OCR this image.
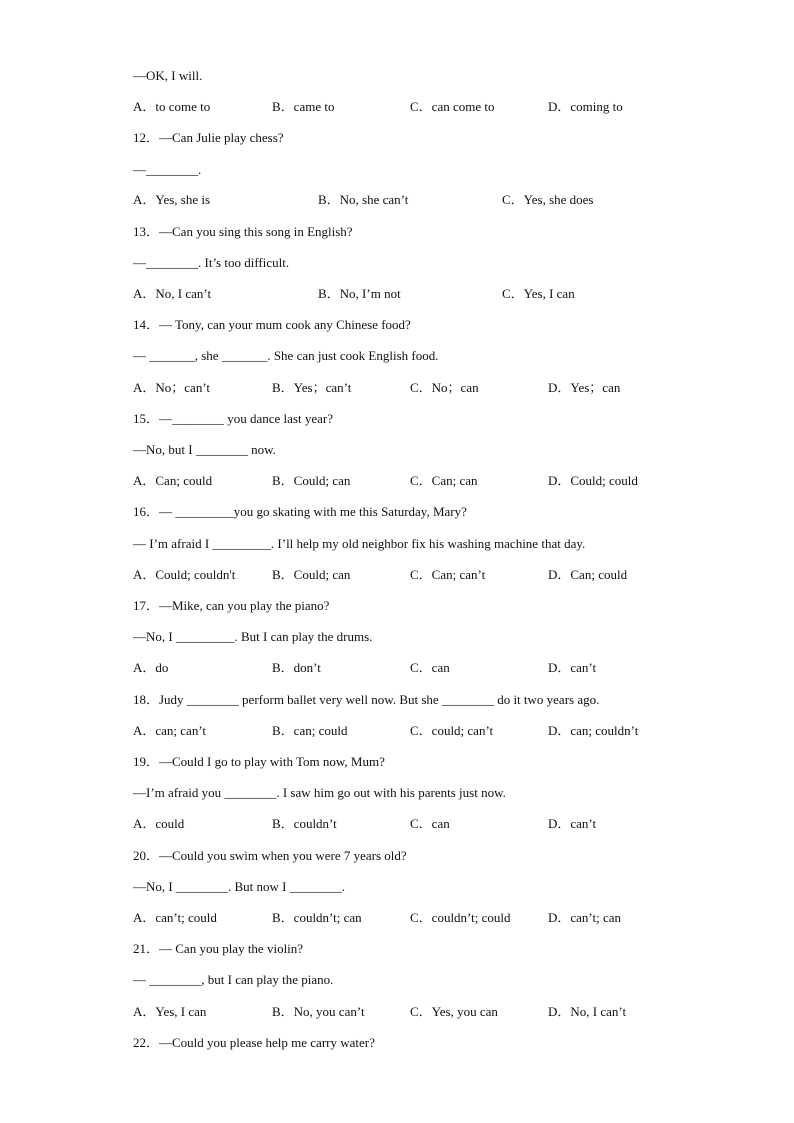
—OK, I will.
A．to come to	B．came to	C．can come to	D．coming to
12．—Can Julie play chess?
—________.
A．Yes, she is	B．No, she can’t	C．Yes, she does
13．—Can you sing this song in English?
—________. It’s too difficult.
A．No, I can’t	B．No, I’m not	C．Yes, I can
14．— Tony, can your mum cook any Chinese food?
— _______, she _______. She can just cook English food.
A．No；can’t	B．Yes；can’t	C．No；can	D．Yes；can
15．—________ you dance last year?
—No, but I ________ now.
A．Can; could	B．Could; can	C．Can; can	D．Could; could
16．— _________you go skating with me this Saturday, Mary?
— I’m afraid I _________. I’ll help my old neighbor fix his washing machine that day.
A．Could; couldn't	B．Could; can	C．Can; can’t	D．Can; could
17．—Mike, can you play the piano?
—No, I _________. But I can play the drums.
A．do	B．don’t	C．can	D．can’t
18．Judy ________ perform ballet very well now. But she ________ do it two years ago.
A．can; can’t	B．can; could	C．could; can’t	D．can; couldn’t
19．—Could I go to play with Tom now, Mum?
—I’m afraid you ________. I saw him go out with his parents just now.
A．could	B．couldn’t	C．can	D．can’t
20．—Could you swim when you were 7 years old?
—No, I ________. But now I ________.
A．can’t; could	B．couldn’t; can	C．couldn’t; could	D．can’t; can
21．— Can you play the violin?
— ________, but I can play the piano.
A．Yes, I can	B．No, you can’t	C．Yes, you can	D．No, I can’t
22．—Could you please help me carry water?
